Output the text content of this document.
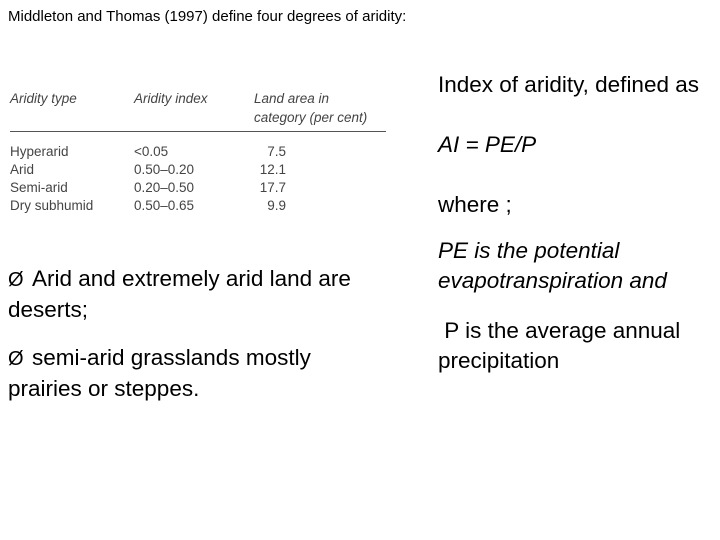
Middleton and Thomas (1997) define four degrees of aridity:
Aridity type	Aridity index	Land area in
category (per cent)
Hyperarid	<0.05	7.5
Arid	0.50–0.20	12.1
Semi-arid	0.20–0.50	17.7
Dry subhumid	0.50–0.65	9.9
Ø Arid and extremely arid land are deserts;
Ø semi-arid grasslands mostly prairies or steppes.

Index of aridity, defined as

AI = PE/P

where ;

PE is the potential evapotranspiration and

P is the average annual precipitation
